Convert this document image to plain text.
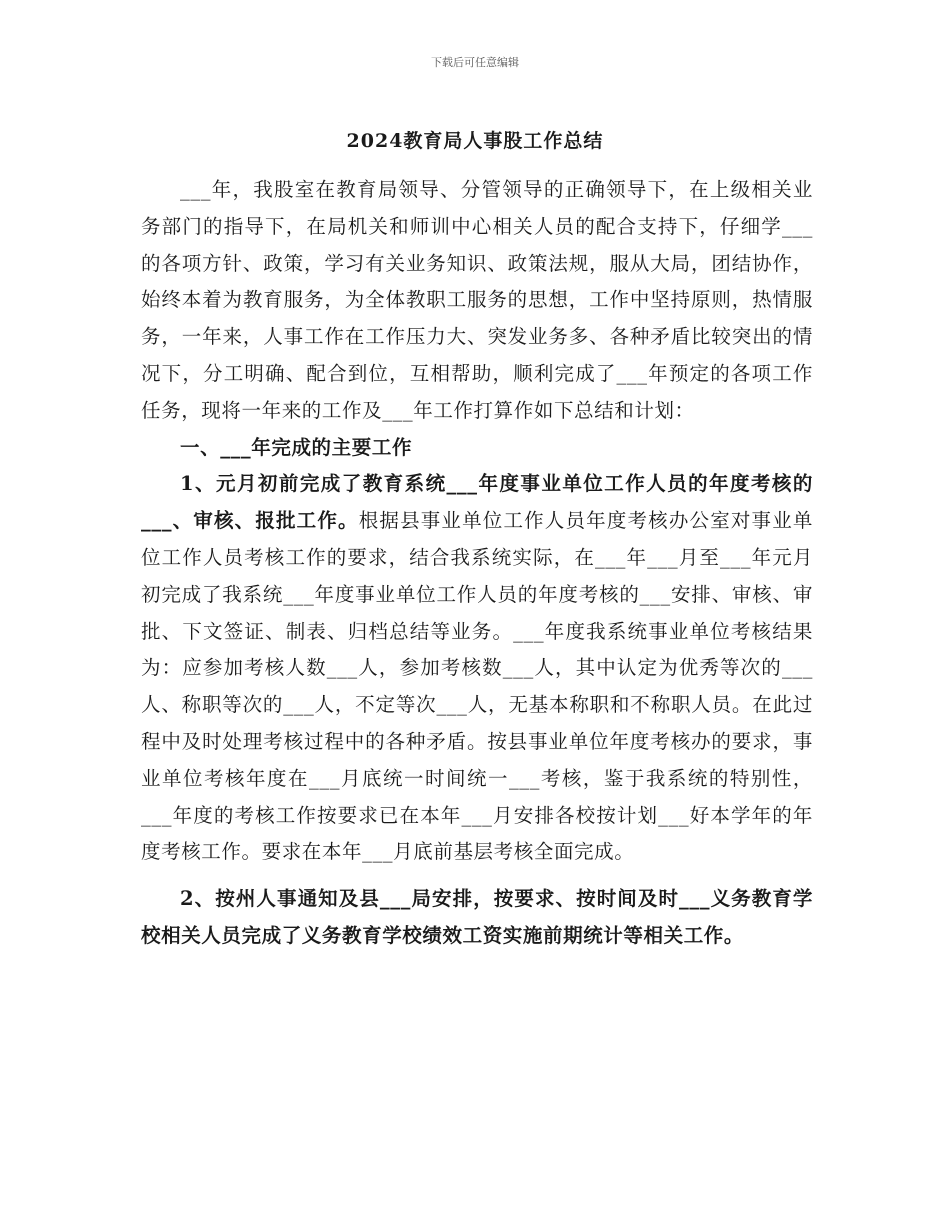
下载后可任意编辑
2024教育局人事股工作总结

___年，我股室在教育局领导、分管领导的正确领导下，在上级相关业务部门的指导下，在局机关和师训中心相关人员的配合支持下，仔细学___的各项方针、政策，学习有关业务知识、政策法规，服从大局，团结协作，始终本着为教育服务，为全体教职工服务的思想，工作中坚持原则，热情服务，一年来，人事工作在工作压力大、突发业务多、各种矛盾比较突出的情况下，分工明确、配合到位，互相帮助，顺利完成了___年预定的各项工作任务，现将一年来的工作及___年工作打算作如下总结和计划：

一、___年完成的主要工作

1、元月初前完成了教育系统___年度事业单位工作人员的年度考核的___、审核、报批工作。根据县事业单位工作人员年度考核办公室对事业单位工作人员考核工作的要求，结合我系统实际，在___年___月至___年元月初完成了我系统___年度事业单位工作人员的年度考核的___安排、审核、审批、下文签证、制表、归档总结等业务。___年度我系统事业单位考核结果为：应参加考核人数___人，参加考核数___人，其中认定为优秀等次的___人、称职等次的___人，不定等次___人，无基本称职和不称职人员。在此过程中及时处理考核过程中的各种矛盾。按县事业单位年度考核办的要求，事业单位考核年度在___月底统一时间统一___考核，鉴于我系统的特别性，___年度的考核工作按要求已在本年___月安排各校按计划___好本学年的年度考核工作。要求在本年___月底前基层考核全面完成。

2、按州人事通知及县___局安排，按要求、按时间及时___义务教育学校相关人员完成了义务教育学校绩效工资实施前期统计等相关工作。
